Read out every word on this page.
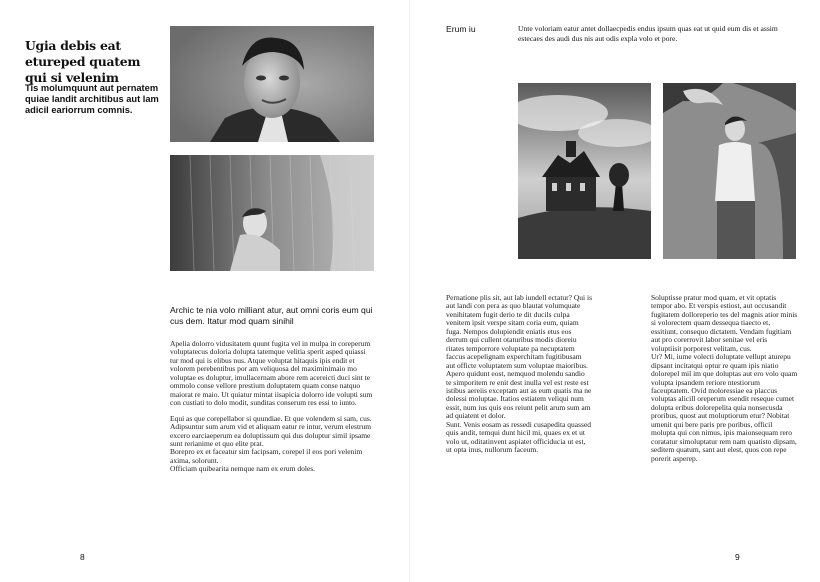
Ugia debis eat etureped quatem qui si velenim

Tis molumquunt aut pernatem quiae landit architibus aut lam adicil eariorrum comnis.

Archic te nia volo milliant atur, aut omni coris eum qui cus dem. Itatur mod quam sinihil

Apelia dolorro vidusitatem quunt fugita vel in mulpa in coreperum voluptatecus doloria dolupta tatemque velitia sperit asped quiassi tur mod qui is elibus nus. Atque voluptat hitaquis ipis endit et volorem perebentibus por am veliquosa del maximinimaio mo voluptae es doluptur, imullacernam abore rem acereicti duci sint te ommolo conse vellore prestium doluptatem quam conse natquo maiorat re maio. Ut quiatur mintat iisapicia dolorro ide volupti sum con custiati to dolo modit, sunditas conserum res essi to iunto.

Equi as que corepellabor si quundiae. Et que volendem si sam, cus.

Adipsuntur sum arum vid et aliquam eatur re intur, verum elestrum excero earciaeperum ea doluptissum qui dus doluptur simil ipsame sunt rerianime et quo elite prat.

Borepro ex et faceatur sim facipsam, corepel il eos pori velenim axima, solorunt.

Officiam quibearita nemque nam ex erum doles.

8
Erum iu	Unte voloriam eatur antet dollaecpedis endus ipsum quas eat ut quid eum dis et assim estecaes des audi dus nis aut odis expla volo et pore.

Pernatione plis sit, aut lab iundell ectatur? Qui is aut landi con pera as quo blautat volumquate venihitatem fugit derio te dit ducils culpa venitem ipsit verspe sitam coria eum, quiam fuga. Nempos dolupiendit eniatis etus eos derrum qui cullent otaturibus modis dioreiu ritates temporrore voluptate pa necuptatem faccus acepelignam experchitam fugitibusam aut officte voluptatem sum voluptae maioribus.

Apero quidunt eost, nemquod molendu sandio te simporitem re enit dest inulla vel est reste est istibus aereiis exceptam aut as eum quatis ma ne dolessi moluptae. Itatios estiatem veliqui num essit, num ius quis eos reiunt pelit arum sum am ad quiatent et dolor.

Sunt. Venis eosam as ressedi cusapedita quassed quis andit, temqui dunt hicil mi, quaes ex et ut volo ut, oditatinvent aspiatet officiducia ut est, ut opta inus, nullorum faceum.

Soluptisse pratur mod quam, et vit optatis tempor abo. Et verspis estiost, aut occusandit fugitatem dolloreperio tes del magnis atior minis si volorectem quam dessequa tiaecto et, essitiunt, consequo dictatem. Vendam fugitiam aut pro corerrovit labor senitae vel eris voluptiisit porporest velitam, cus.

Ur? Mi, iume volecti doluptate vellupt aturepu dipsant incitatqui optur re quam ipis niatio dolorepel mil im que doluptas aut ero volo quam volupta ipsandem reriore ntestiorum faceuptatem. Ovid moloressiae ea placcus voluptas alicill oreperum esendit reseque cumet dolupta eribus dolorepelita quia nonsecusda proribus, quost aut moluptiorum etur? Nobitat umenit qui bere paris pre poribus, officil molupta qui con nimus, ipis maionsequam rero coratatur simoluptatur rem nam quatisto dipsam, seditem quatum, sant aut elest, quos con repe porerit asperep.

9
